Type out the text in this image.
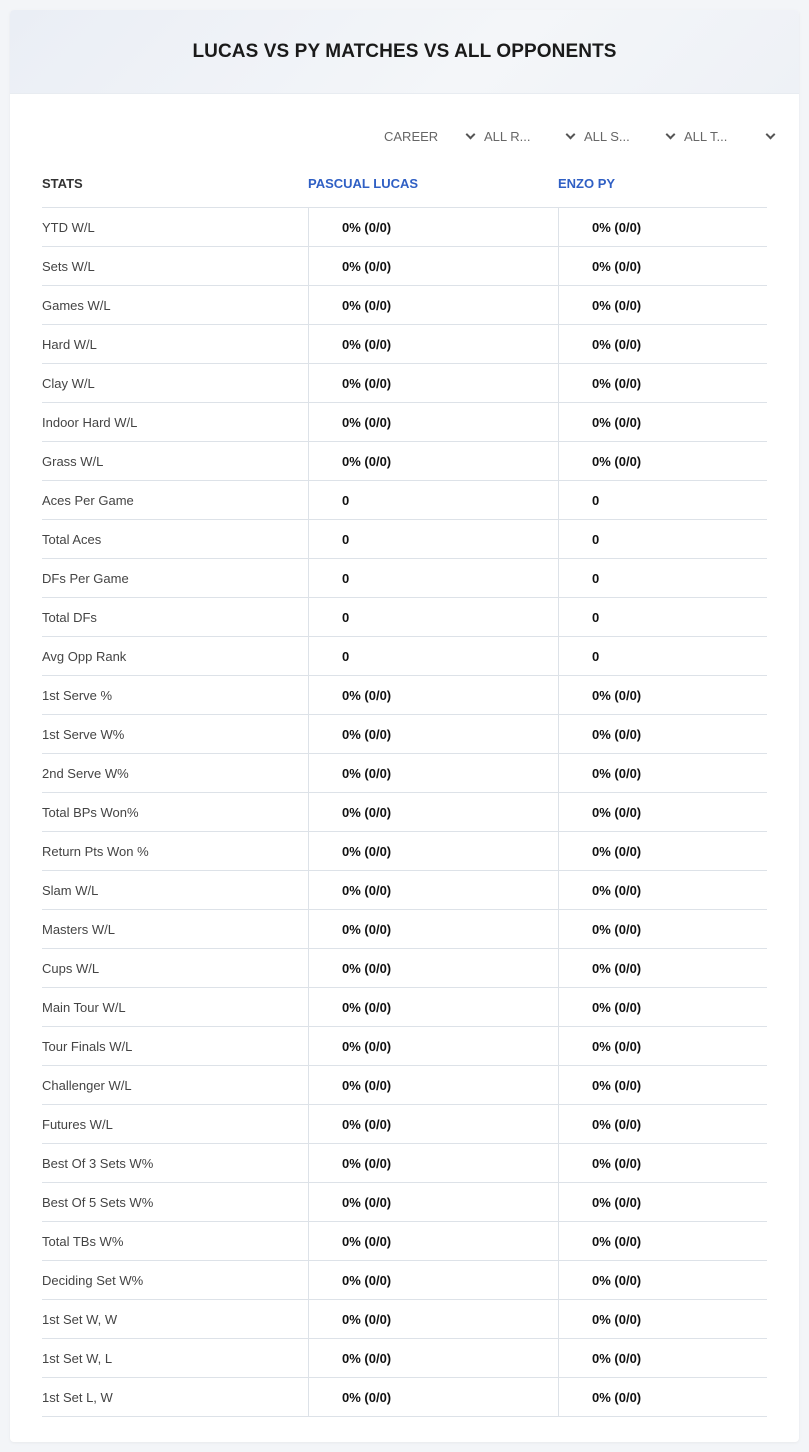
LUCAS VS PY MATCHES VS ALL OPPONENTS
CAREER	ALL R...	ALL S...	ALL T...
STATS	PASCUAL LUCAS	ENZO PY
YTD W/L	0% (0/0)	0% (0/0)
Sets W/L	0% (0/0)	0% (0/0)
Games W/L	0% (0/0)	0% (0/0)
Hard W/L	0% (0/0)	0% (0/0)
Clay W/L	0% (0/0)	0% (0/0)
Indoor Hard W/L	0% (0/0)	0% (0/0)
Grass W/L	0% (0/0)	0% (0/0)
Aces Per Game	0	0
Total Aces	0	0
DFs Per Game	0	0
Total DFs	0	0
Avg Opp Rank	0	0
1st Serve %	0% (0/0)	0% (0/0)
1st Serve W%	0% (0/0)	0% (0/0)
2nd Serve W%	0% (0/0)	0% (0/0)
Total BPs Won%	0% (0/0)	0% (0/0)
Return Pts Won %	0% (0/0)	0% (0/0)
Slam W/L	0% (0/0)	0% (0/0)
Masters W/L	0% (0/0)	0% (0/0)
Cups W/L	0% (0/0)	0% (0/0)
Main Tour W/L	0% (0/0)	0% (0/0)
Tour Finals W/L	0% (0/0)	0% (0/0)
Challenger W/L	0% (0/0)	0% (0/0)
Futures W/L	0% (0/0)	0% (0/0)
Best Of 3 Sets W%	0% (0/0)	0% (0/0)
Best Of 5 Sets W%	0% (0/0)	0% (0/0)
Total TBs W%	0% (0/0)	0% (0/0)
Deciding Set W%	0% (0/0)	0% (0/0)
1st Set W, W	0% (0/0)	0% (0/0)
1st Set W, L	0% (0/0)	0% (0/0)
1st Set L, W	0% (0/0)	0% (0/0)
